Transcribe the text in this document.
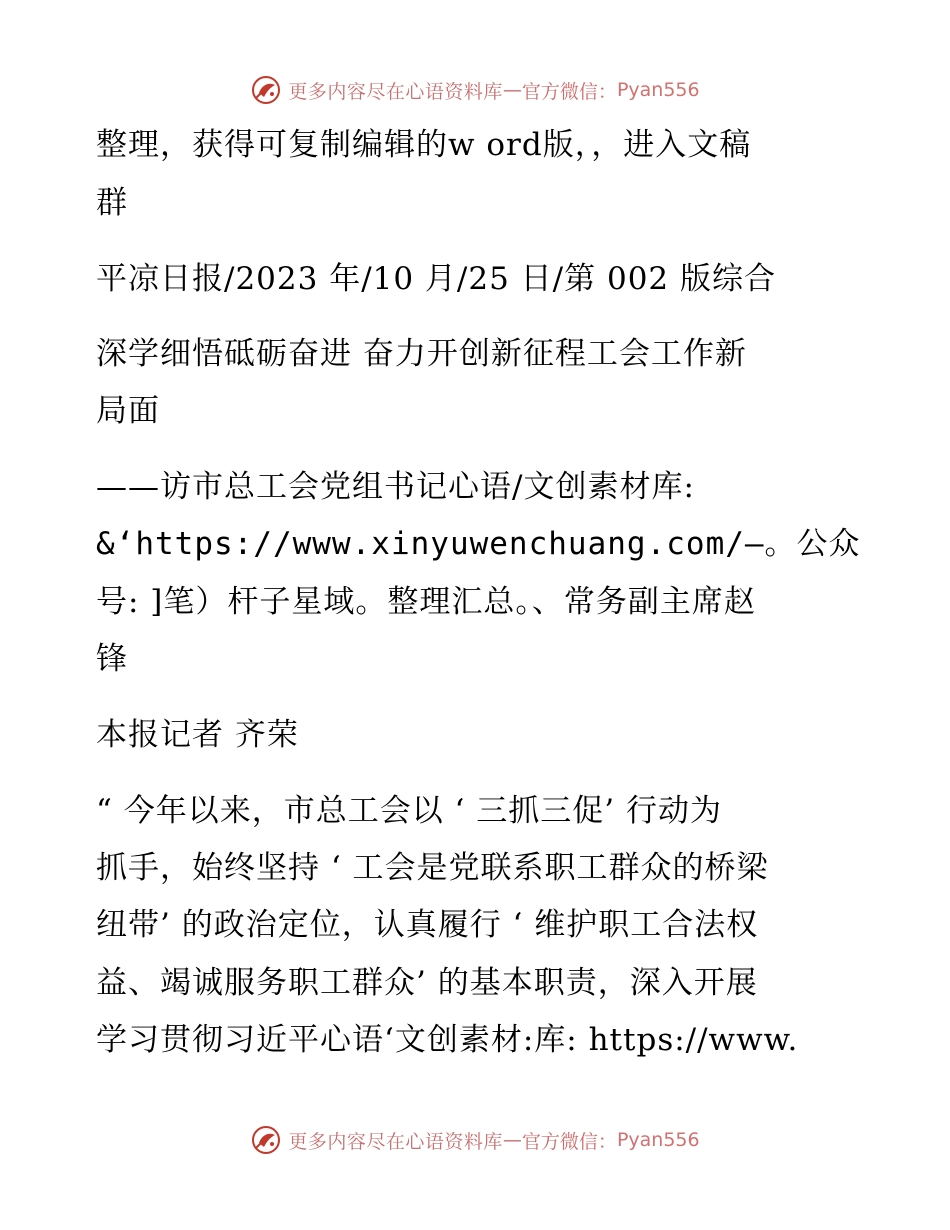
更多内容尽在心语资料库 — 官方微信： Pyan556
整理，获得可复制编辑的w ord版，，进入文稿
群
平凉日报/2023 年/10 月/25 日/第 002 版综合
深学细悟砥砺奋进 奋力开创新征程工会工作新
局面
——访市总工会党组书记心语/文创素材库:
&‘https://www.xinyuwenchuang.com/—。公众
号: ]笔）杆子星域。整理汇总。、常务副主席赵
锋
本报记者 齐荣
“ 今年以来，市总工会以 ‘ 三抓三促’ 行动为
抓手，始终坚持 ‘ 工会是党联系职工群众的桥梁
纽带’ 的政治定位，认真履行 ‘ 维护职工合法权
益、竭诚服务职工群众’ 的基本职责，深入开展
学习贯彻习近平心语‘文创素材:库: https://www.
更多内容尽在心语资料库 — 官方微信： Pyan556
